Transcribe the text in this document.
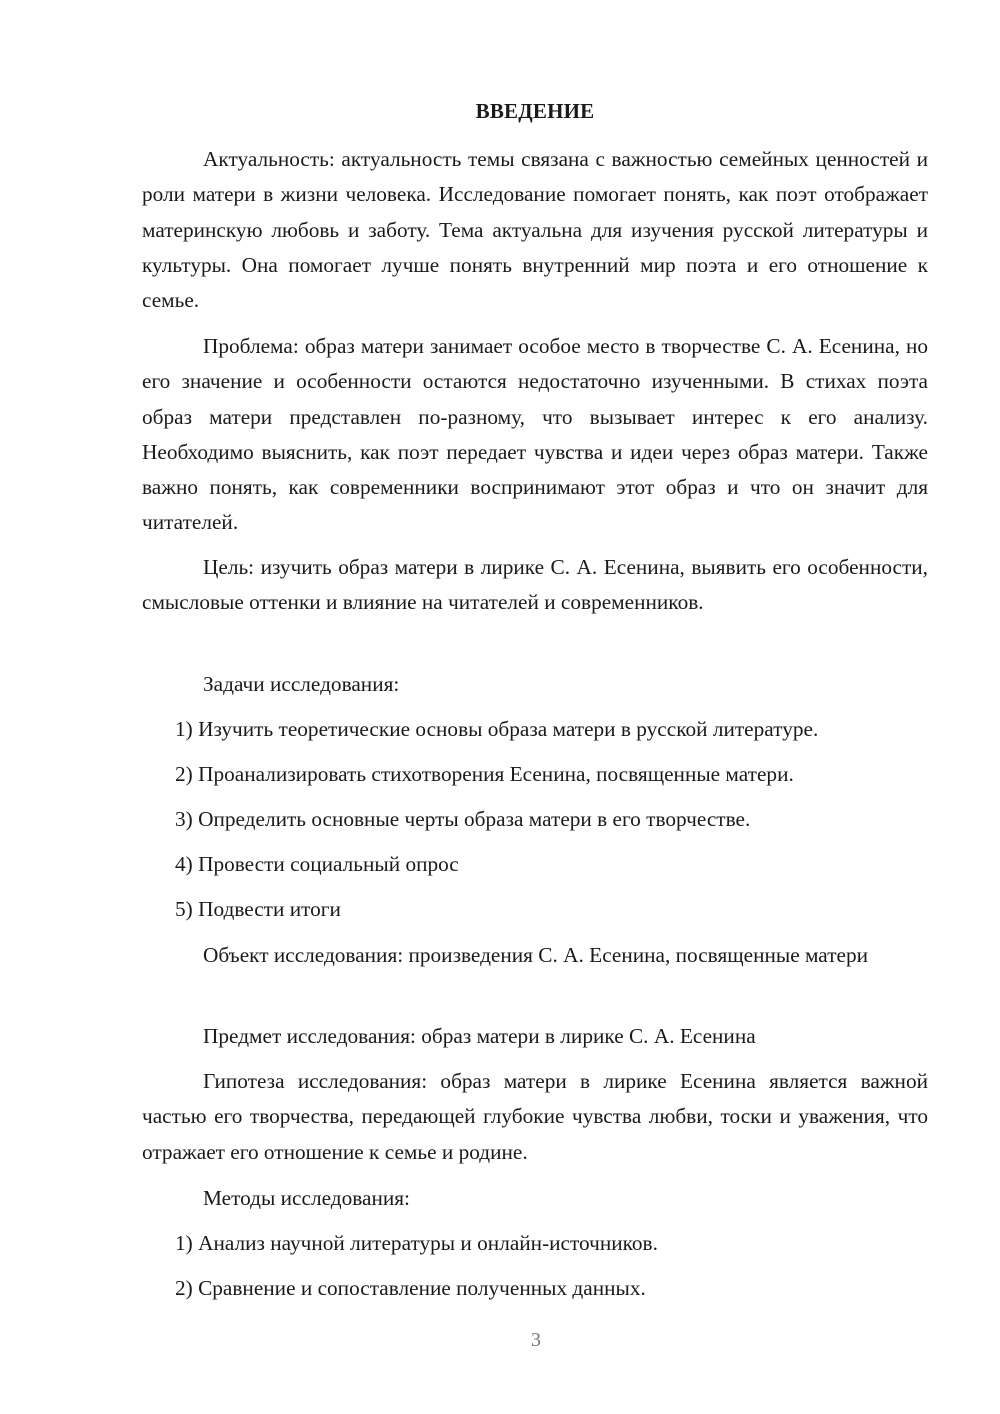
ВВЕДЕНИЕ

Актуальность: актуальность темы связана с важностью семейных ценностей и роли матери в жизни человека. Исследование помогает понять, как поэт отображает материнскую любовь и заботу. Тема актуальна для изучения русской литературы и культуры. Она помогает лучше понять внутренний мир поэта и его отношение к семье.

Проблема: образ матери занимает особое место в творчестве С. А. Есенина, но его значение и особенности остаются недостаточно изученными. В стихах поэта образ матери представлен по-разному, что вызывает интерес к его анализу. Необходимо выяснить, как поэт передает чувства и идеи через образ матери. Также важно понять, как современники воспринимают этот образ и что он значит для читателей.

Цель: изучить образ матери в лирике С. А. Есенина, выявить его особенности, смысловые оттенки и влияние на читателей и современников.

Задачи исследования:

1) Изучить теоретические основы образа матери в русской литературе.

2) Проанализировать стихотворения Есенина, посвященные матери.

3) Определить основные черты образа матери в его творчестве.

4) Провести социальный опрос

5) Подвести итоги

Объект исследования: произведения С. А. Есенина, посвященные матери

Предмет исследования: образ матери в лирике С. А. Есенина

Гипотеза исследования: образ матери в лирике Есенина является важной частью его творчества, передающей глубокие чувства любви, тоски и уважения, что отражает его отношение к семье и родине.

Методы исследования:

1) Анализ научной литературы и онлайн-источников.

2) Сравнение и сопоставление полученных данных.

3
